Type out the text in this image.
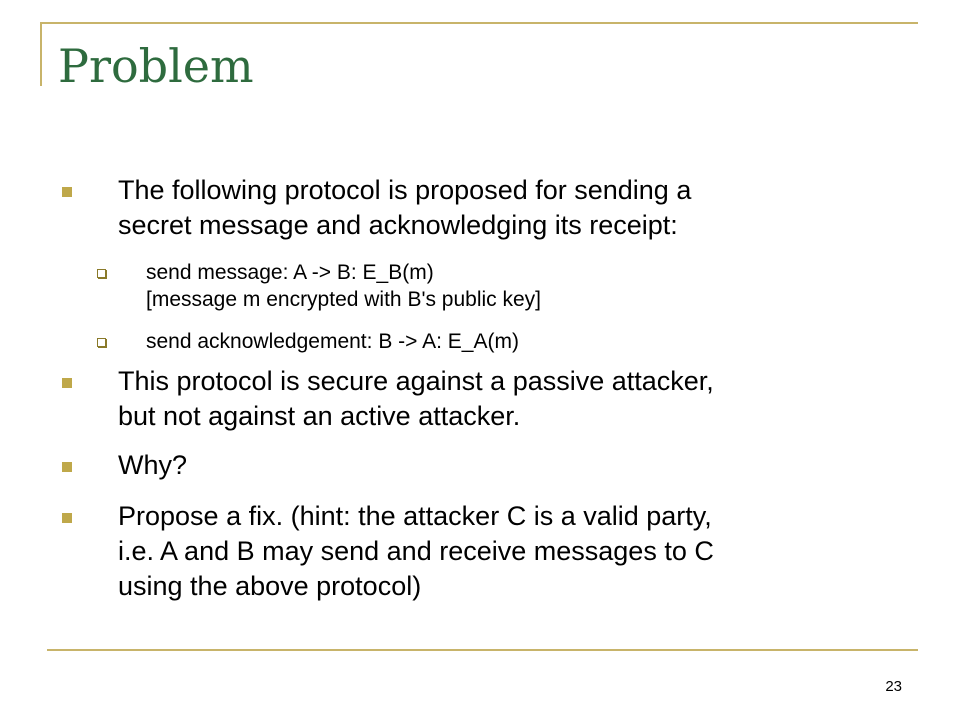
Problem
The following protocol is proposed for sending a
secret message and acknowledging its receipt:
send message: A -> B: E_B(m)
[message m encrypted with B's public key]
send acknowledgement: B -> A: E_A(m)
This protocol is secure against a passive attacker,
but not against an active attacker.
Why?
Propose a fix. (hint: the attacker C is a valid party,
i.e. A and B may send and receive messages to C
using the above protocol)
23
